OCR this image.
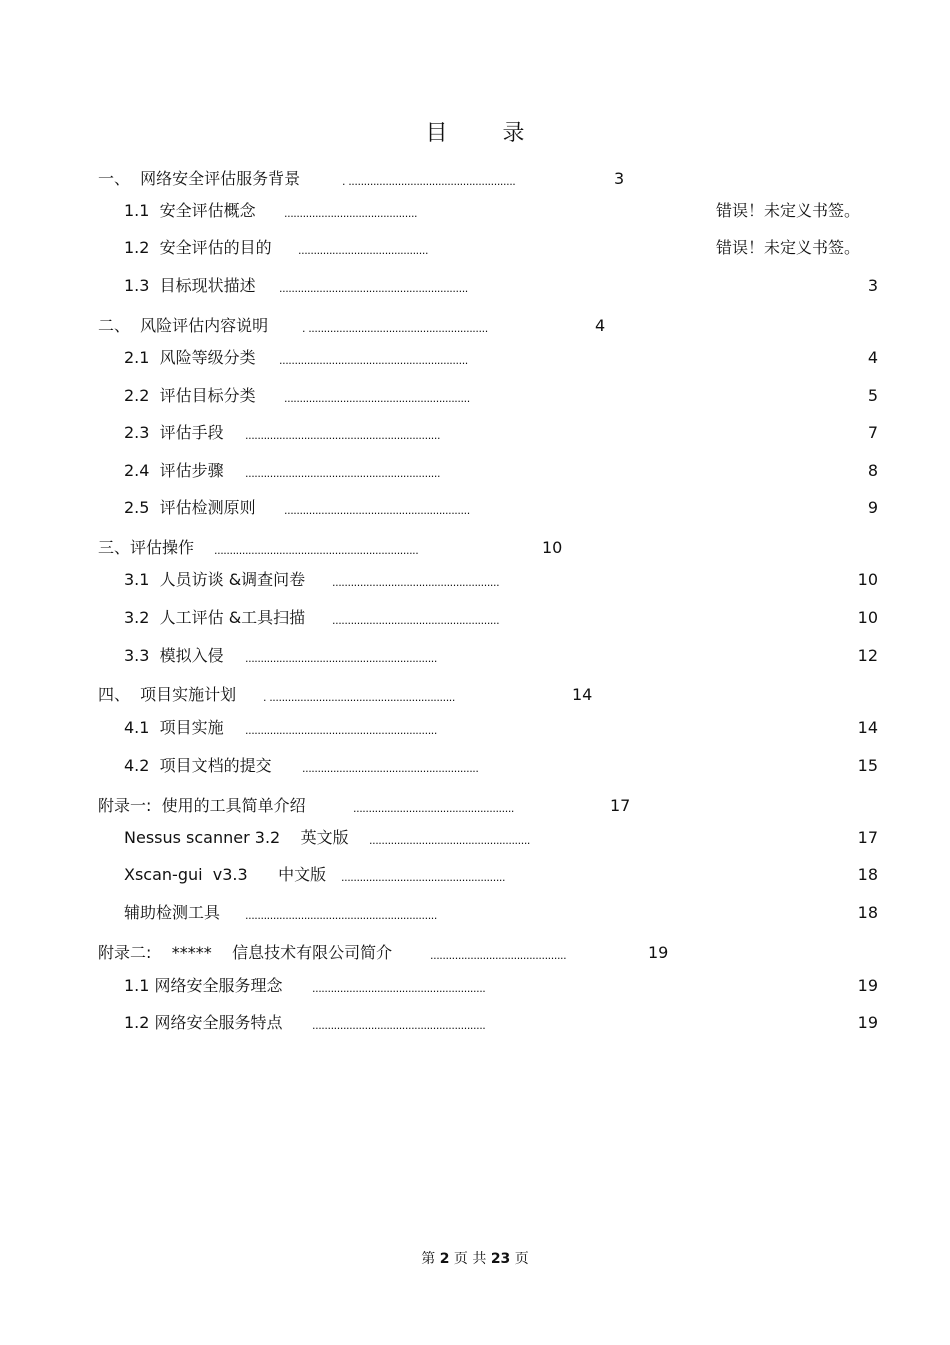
目 录
一、  网络安全评估服务背景	. ......................................................	3
1.1  安全评估概念	...........................................	错误！未定义书签。
1.2  安全评估的目的 ..........................................	错误！未定义书签。
1.3  目标现状描述 .............................................................	3
二、  风险评估内容说明	. ..........................................................	4
2.1  风险等级分类 .............................................................	4
2.2  评估目标分类	............................................................	5
2.3  评估手段 ...............................................................	7
2.4  评估步骤 ...............................................................	8
2.5  评估检测原则	............................................................	9
三、评估操作 ..................................................................	10
3.1  人员访谈 &调查问卷 ......................................................	10
3.2  人工评估 &工具扫描 ......................................................	10
3.3  模拟入侵 ..............................................................	12
四、  项目实施计划 . ............................................................	14
4.1  项目实施 ..............................................................	14
4.2  项目文档的提交	.........................................................	15
附录一:  使用的工具简单介绍	....................................................	17
Nessus scanner 3.2    英文版 ....................................................	17
Xscan-gui  v3.3      中文版 .....................................................	18
辅助检测工具 ..............................................................	18
附录二:    *****    信息技术有限公司简介	............................................	19
1.1 网络安全服务理念	........................................................	19
1.2 网络安全服务特点	........................................................	19
第 2 页 共 23 页
